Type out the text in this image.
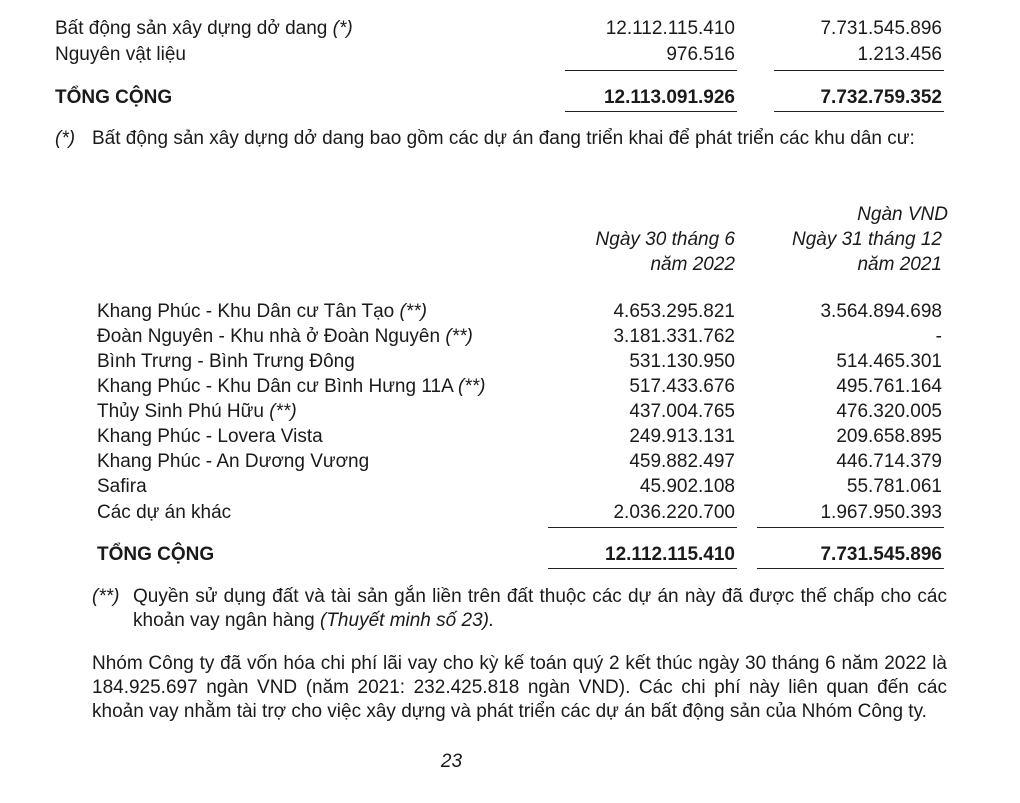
Bất động sản xây dựng dở dang (*)	12.112.115.410	7.731.545.896
Nguyên vật liệu	976.516	1.213.456
TỔNG CỘNG	12.113.091.926	7.732.759.352
(*) Bất động sản xây dựng dở dang bao gồm các dự án đang triển khai để phát triển các khu dân cư:
Ngàn VND
Ngày 30 tháng 6
năm 2022
Ngày 31 tháng 12
năm 2021
Khang Phúc - Khu Dân cư Tân Tạo (**)	4.653.295.821	3.564.894.698
Đoàn Nguyên - Khu nhà ở Đoàn Nguyên (**)	3.181.331.762	-
Bình Trưng - Bình Trưng Đông	531.130.950	514.465.301
Khang Phúc - Khu Dân cư Bình Hưng 11A (**)	517.433.676	495.761.164
Thủy Sinh Phú Hữu (**)	437.004.765	476.320.005
Khang Phúc - Lovera Vista	249.913.131	209.658.895
Khang Phúc - An Dương Vương	459.882.497	446.714.379
Safira	45.902.108	55.781.061
Các dự án khác	2.036.220.700	1.967.950.393
TỔNG CỘNG	12.112.115.410	7.731.545.896
(**) Quyền sử dụng đất và tài sản gắn liền trên đất thuộc các dự án này đã được thế chấp cho các khoản vay ngân hàng (Thuyết minh số 23).
Nhóm Công ty đã vốn hóa chi phí lãi vay cho kỳ kế toán quý 2 kết thúc ngày 30 tháng 6 năm 2022 là 184.925.697 ngàn VND (năm 2021: 232.425.818 ngàn VND). Các chi phí này liên quan đến các khoản vay nhằm tài trợ cho việc xây dựng và phát triển các dự án bất động sản của Nhóm Công ty.
23
